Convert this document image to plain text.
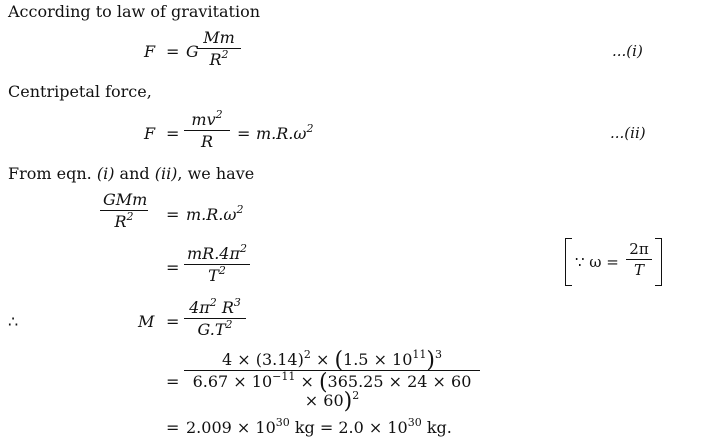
According to law of gravitation
F = G
Mm
$R^2$	...(i)
Centripetal force,
F =
$mv^2$
R	= $m.R.\omega^2$	...(ii)
From eqn. (i) and (ii), we have
GMm
$R^2$	= $m.R.\omega^2$
=
$mR.4\pi^2$
$T^2$	∵ ω =
2π
T
∴	M =
$4\pi^2$ $R^3$
$G.T^2$
=
$4 \times (3.14)^2 \times (1.5 \times 10^{11})^3$
$6.67 \times 10^{-11} \times (365.25 \times 24 \times 60 \times 60)^2$
= $2.009 \times 10^{30}$ kg = $2.0 \times 10^{30}$ kg.
